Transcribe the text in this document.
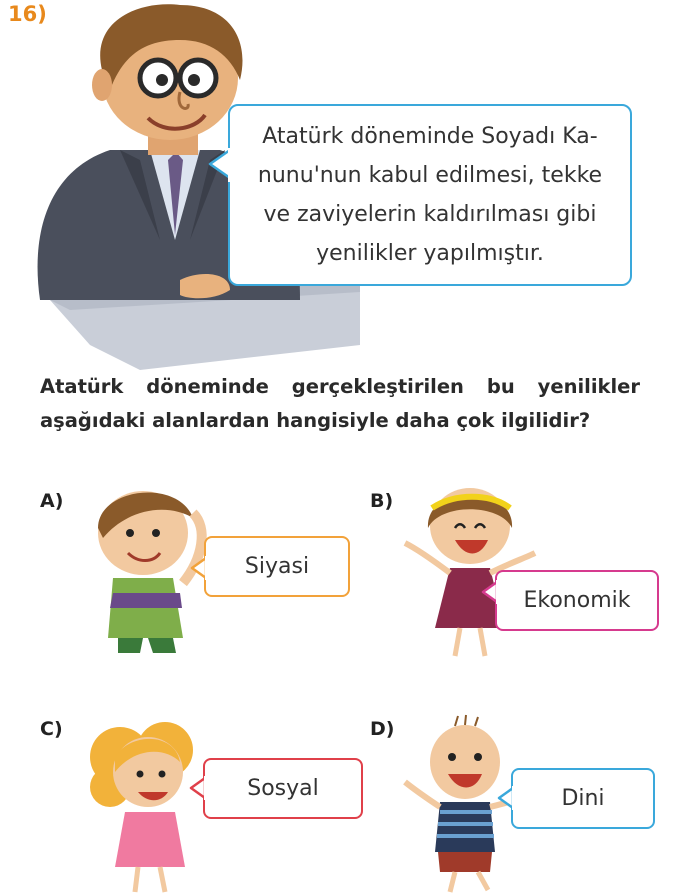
16)
Atatürk döneminde Soyadı Ka-
nunu'nun kabul edilmesi, tekke
ve zaviyelerin kaldırılması gibi
yenilikler yapılmıştır.
Atatürk döneminde gerçekleştirilen bu yenilikler
aşağıdaki alanlardan hangisiyle daha çok ilgilidir?
A)
Siyasi
B)
Ekonomik
C)
Sosyal
D)
Dini
